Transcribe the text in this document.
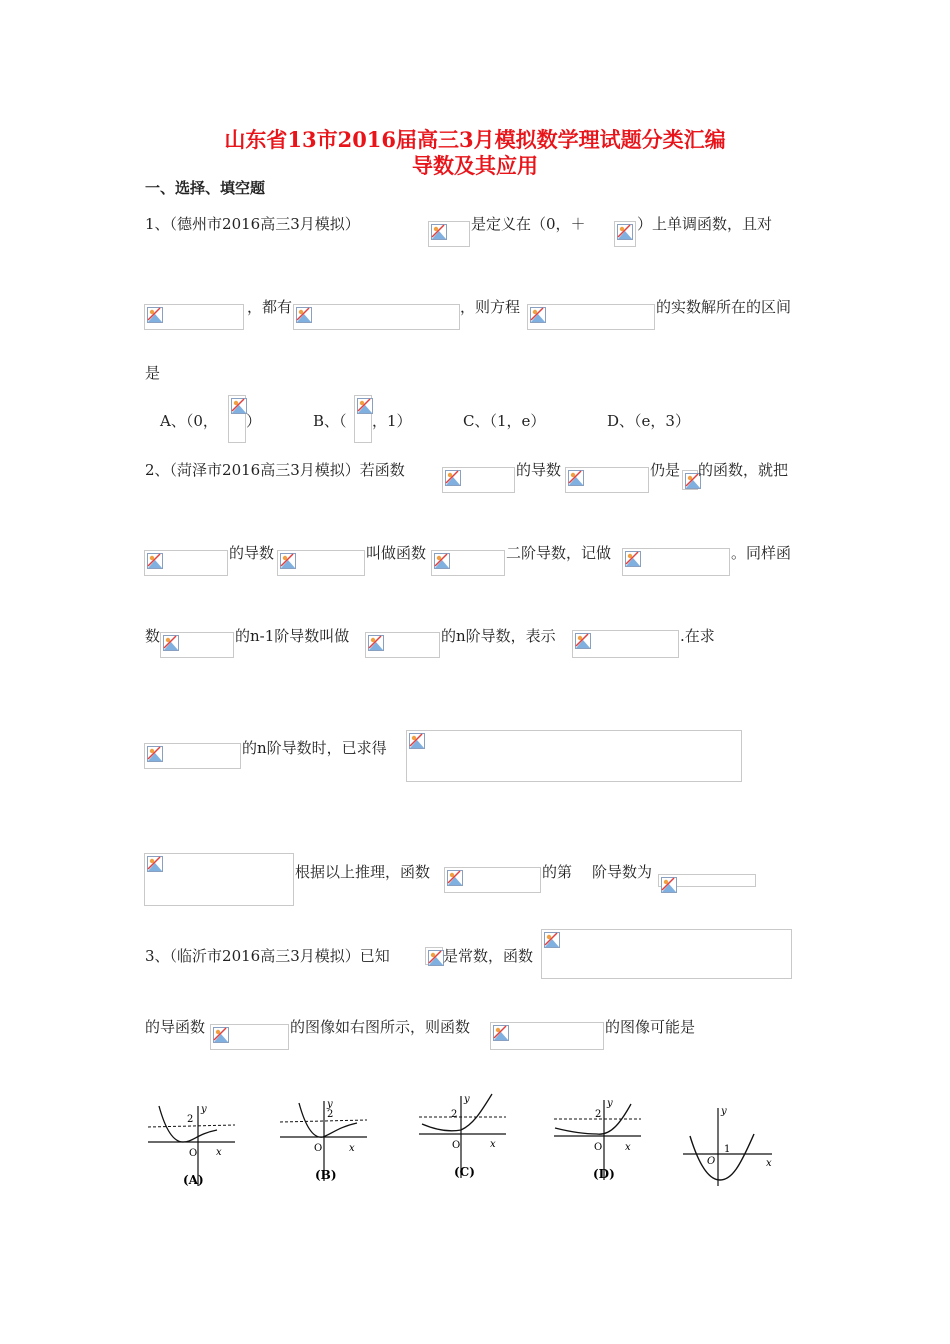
山东省13市2016届高三3月模拟数学理试题分类汇编
导数及其应用
一、选择、填空题
1、（德州市2016高三3月模拟）	是定义在（0，＋	）上单调函数，且对
，都有	，则方程	的实数解所在的区间
是
A、（0， ）	B、（ ，1）	C、（1，e）	D、（e，3）
2、（菏泽市2016高三3月模拟）若函数	的导数	仍是 的函数，就把
的导数	叫做函数	二阶导数，记做	。同样函
数	的n-1阶导数叫做	的n阶导数，表示	.在求
的n阶导数时，已求得
根据以上推理，函数	的第 阶导数为
3、（临沂市2016高三3月模拟）已知	是常数，函数
的导函数	的图像如右图所示，则函数	的图像可能是
y
2
O x
(A)
y
2
O	x
(B)
y
2
O	x
(C)
y
2
O x
(D)
y
O
1
x
